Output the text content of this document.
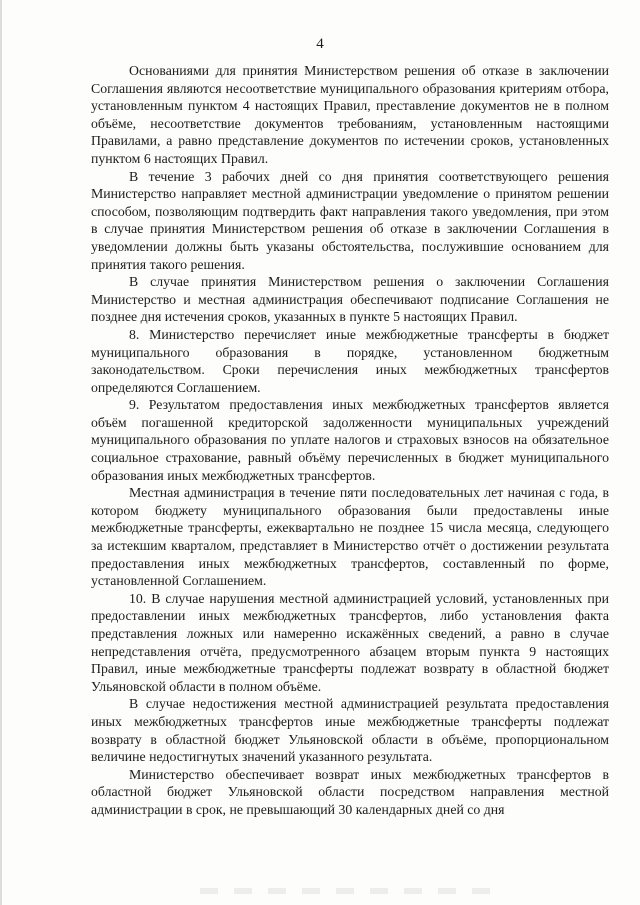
4

Основаниями для принятия Министерством решения об отказе в заключении Соглашения являются несоответствие муниципального образования критериям отбора, установленным пунктом 4 настоящих Правил, преставление документов не в полном объёме, несоответствие документов требованиям, установленным настоящими Правилами, а равно представление документов по истечении сроков, установленных пунктом 6 настоящих Правил.

В течение 3 рабочих дней со дня принятия соответствующего решения Министерство направляет местной администрации уведомление о принятом решении способом, позволяющим подтвердить факт направления такого уведомления, при этом в случае принятия Министерством решения об отказе в заключении Соглашения в уведомлении должны быть указаны обстоятельства, послужившие основанием для принятия такого решения.

В случае принятия Министерством решения о заключении Соглашения Министерство и местная администрация обеспечивают подписание Соглашения не позднее дня истечения сроков, указанных в пункте 5 настоящих Правил.

8. Министерство перечисляет иные межбюджетные трансферты в бюджет муниципального образования в порядке, установленном бюджетным законодательством. Сроки перечисления иных межбюджетных трансфертов определяются Соглашением.

9. Результатом предоставления иных межбюджетных трансфертов является объём погашенной кредиторской задолженности муниципальных учреждений муниципального образования по уплате налогов и страховых взносов на обязательное социальное страхование, равный объёму перечисленных в бюджет муниципального образования иных межбюджетных трансфертов.

Местная администрация в течение пяти последовательных лет начиная с года, в котором бюджету муниципального образования были предоставлены иные межбюджетные трансферты, ежеквартально не позднее 15 числа месяца, следующего за истекшим кварталом, представляет в Министерство отчёт о достижении результата предоставления иных межбюджетных трансфертов, составленный по форме, установленной Соглашением.

10. В случае нарушения местной администрацией условий, установленных при предоставлении иных межбюджетных трансфертов, либо установления факта представления ложных или намеренно искажённых сведений, а равно в случае непредставления отчёта, предусмотренного абзацем вторым пункта 9 настоящих Правил, иные межбюджетные трансферты подлежат возврату в областной бюджет Ульяновской области в полном объёме.

В случае недостижения местной администрацией результата предоставления иных межбюджетных трансфертов иные межбюджетные трансферты подлежат возврату в областной бюджет Ульяновской области в объёме, пропорциональном величине недостигнутых значений указанного результата.

Министерство обеспечивает возврат иных межбюджетных трансфертов в областной бюджет Ульяновской области посредством направления местной администрации в срок, не превышающий 30 календарных дней со дня
